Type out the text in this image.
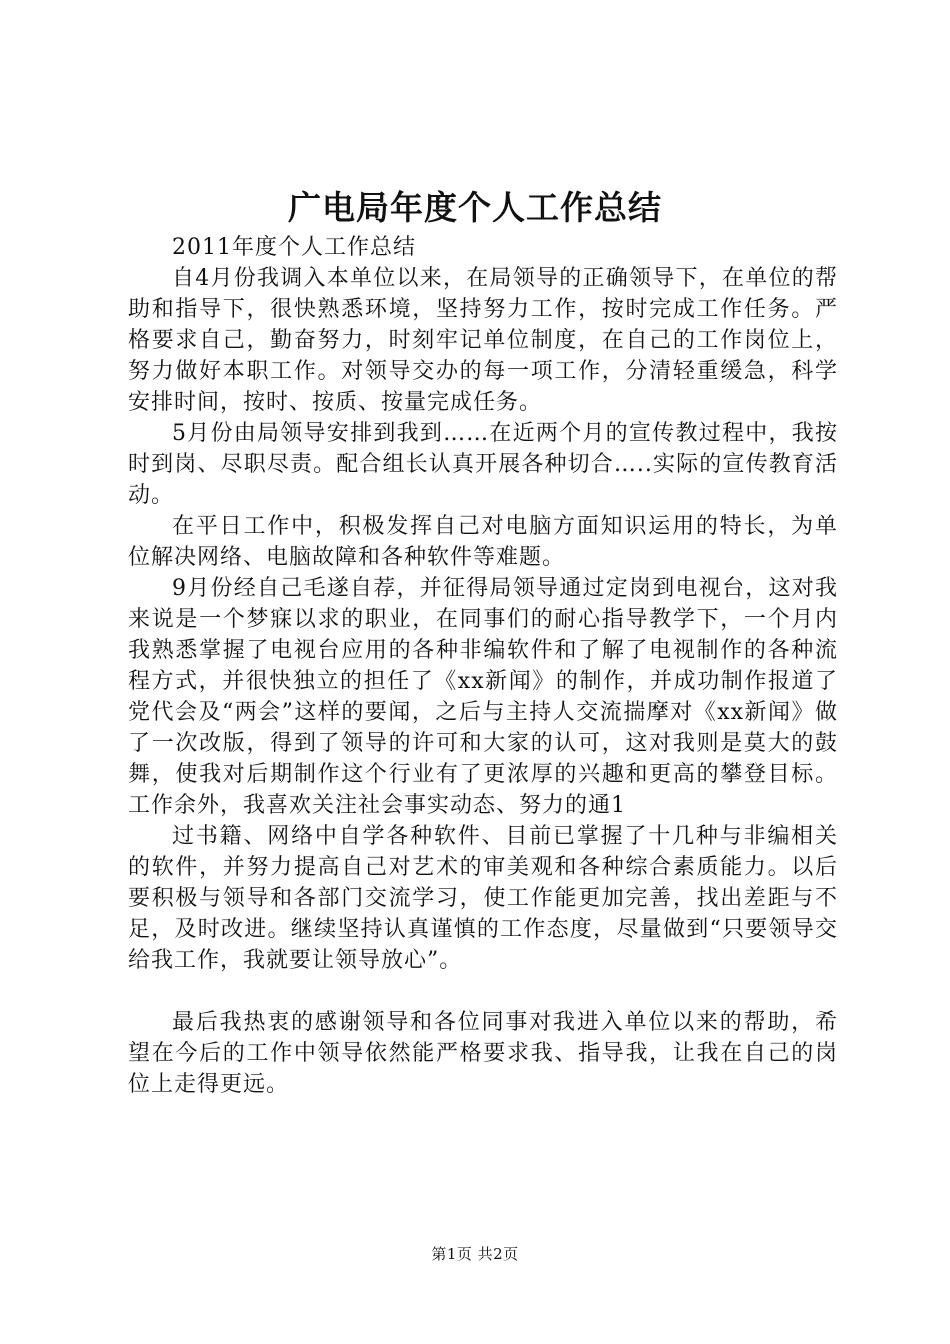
广电局年度个人工作总结

2011年度个人工作总结

自4月份我调入本单位以来，在局领导的正确领导下，在单位的帮助和指导下，很快熟悉环境，坚持努力工作，按时完成工作任务。严格要求自己，勤奋努力，时刻牢记单位制度，在自己的工作岗位上，努力做好本职工作。对领导交办的每一项工作，分清轻重缓急，科学安排时间，按时、按质、按量完成任务。

5月份由局领导安排到我到……在近两个月的宣传教过程中，我按时到岗、尽职尽责。配合组长认真开展各种切合…..实际的宣传教育活动。

在平日工作中，积极发挥自己对电脑方面知识运用的特长，为单位解决网络、电脑故障和各种软件等难题。

9月份经自己毛遂自荐，并征得局领导通过定岗到电视台，这对我来说是一个梦寐以求的职业，在同事们的耐心指导教学下，一个月内我熟悉掌握了电视台应用的各种非编软件和了解了电视制作的各种流程方式，并很快独立的担任了《xx新闻》的制作，并成功制作报道了党代会及“两会”这样的要闻，之后与主持人交流揣摩对《xx新闻》做了一次改版，得到了领导的许可和大家的认可，这对我则是莫大的鼓舞，使我对后期制作这个行业有了更浓厚的兴趣和更高的攀登目标。工作余外，我喜欢关注社会事实动态、努力的通1

过书籍、网络中自学各种软件、目前已掌握了十几种与非编相关的软件，并努力提高自己对艺术的审美观和各种综合素质能力。以后要积极与领导和各部门交流学习，使工作能更加完善，找出差距与不足，及时改进。继续坚持认真谨慎的工作态度，尽量做到“只要领导交给我工作，我就要让领导放心”。

最后我热衷的感谢领导和各位同事对我进入单位以来的帮助，希望在今后的工作中领导依然能严格要求我、指导我，让我在自己的岗位上走得更远。

第1页 共2页
